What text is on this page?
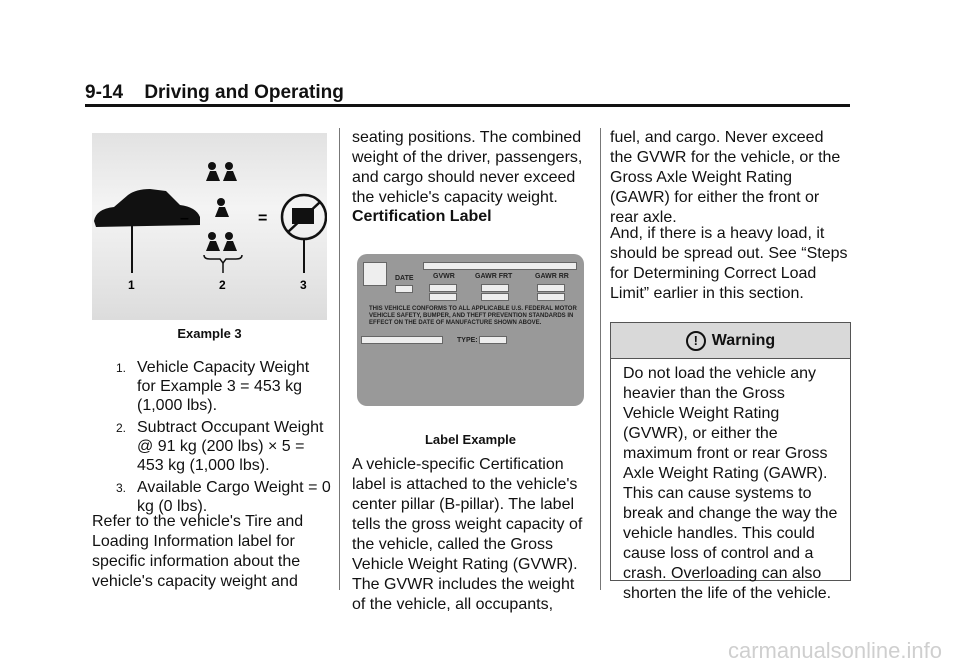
9-14 Driving and Operating
–	=
1	2	3
Example 3
1. Vehicle Capacity Weight for Example 3 = 453 kg (1,000 lbs).
2. Subtract Occupant Weight @ 91 kg (200 lbs) × 5 = 453 kg (1,000 lbs).
3. Available Cargo Weight = 0 kg (0 lbs).
Refer to the vehicle's Tire and Loading Information label for specific information about the vehicle's capacity weight and
seating positions. The combined weight of the driver, passengers, and cargo should never exceed the vehicle's capacity weight.
Certification Label
DATE	GVWR	GAWR FRT	GAWR RR
THIS VEHICLE CONFORMS TO ALL APPLICABLE U.S. FEDERAL MOTOR VEHICLE SAFETY, BUMPER, AND THEFT PREVENTION STANDARDS IN EFFECT ON THE DATE OF MANUFACTURE SHOWN ABOVE.
TYPE:
Label Example
A vehicle-specific Certification label is attached to the vehicle's center pillar (B-pillar). The label tells the gross weight capacity of the vehicle, called the Gross Vehicle Weight Rating (GVWR). The GVWR includes the weight of the vehicle, all occupants,
fuel, and cargo. Never exceed the GVWR for the vehicle, or the Gross Axle Weight Rating (GAWR) for either the front or rear axle.
And, if there is a heavy load, it should be spread out. See “Steps for Determining Correct Load Limit” earlier in this section.
! Warning
Do not load the vehicle any heavier than the Gross Vehicle Weight Rating (GVWR), or either the maximum front or rear Gross Axle Weight Rating (GAWR). This can cause systems to break and change the way the vehicle handles. This could cause loss of control and a crash. Overloading can also shorten the life of the vehicle.
carmanualsonline.info
